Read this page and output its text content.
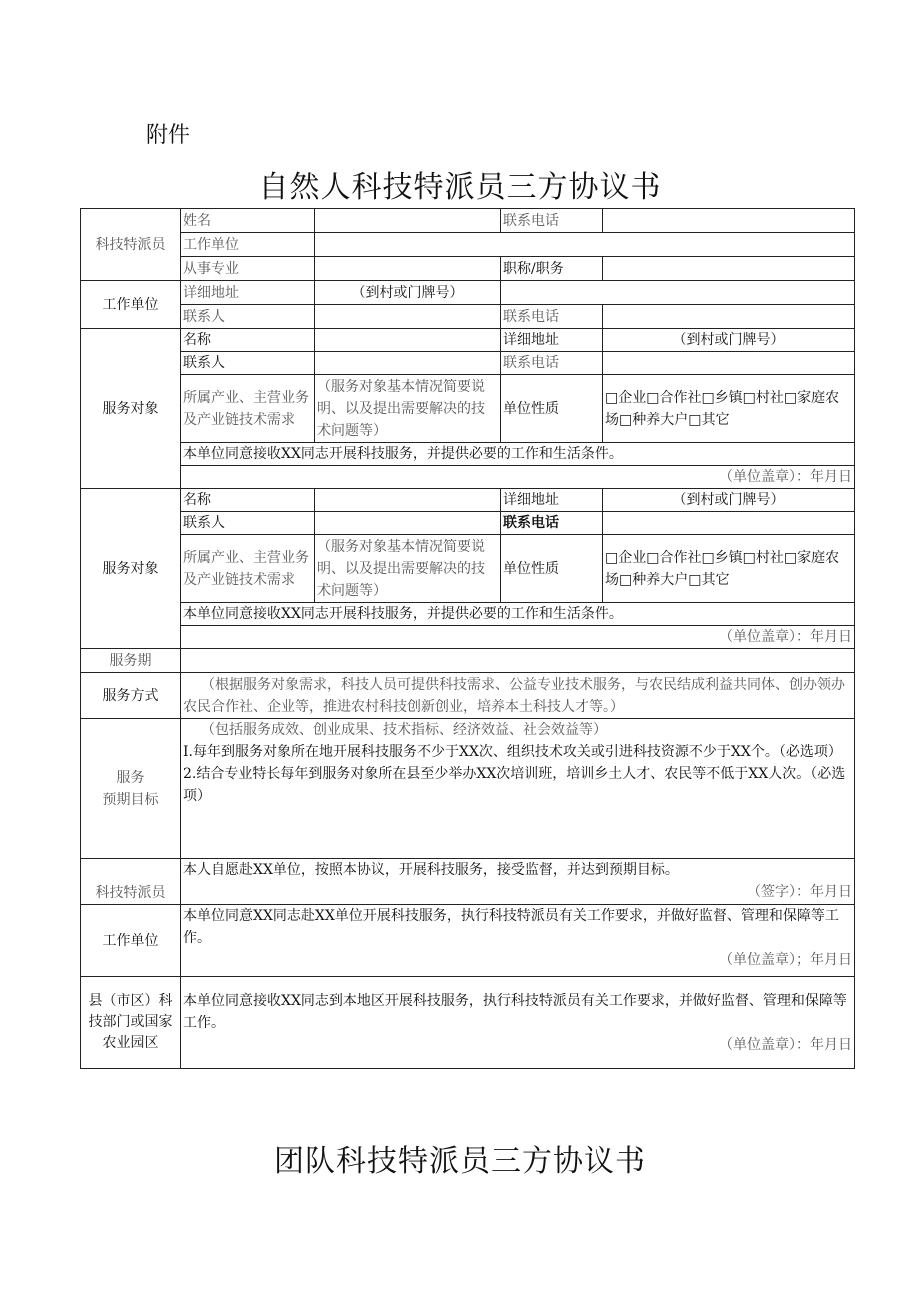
附件
自然人科技特派员三方协议书
科技特派员	姓名		联系电话	
	工作单位			
	从事专业		职称/职务	
工作单位	详细地址	（到村或门牌号）		
	联系人		联系电话	
服务对象	名称		详细地址	（到村或门牌号）
	联系人		联系电话	
	所属产业、主营业务及产业链技术需求	（服务对象基本情况简要说明、以及提出需要解决的技术问题等）	单位性质	□企业□合作社□乡镇□村社□家庭农场□种养大户□其它
	本单位同意接收XX同志开展科技服务，并提供必要的工作和生活条件。			
	（单位盖章）：年月日			
服务对象	名称		详细地址	（到村或门牌号）
	联系人		联系电话	
	所属产业、主营业务及产业链技术需求	（服务对象基本情况简要说明、以及提出需要解决的技术问题等）	单位性质	□企业□合作社□乡镇□村社□家庭农场□种养大户□其它
	本单位同意接收XX同志开展科技服务，并提供必要的工作和生活条件。			
	（单位盖章）：年月日			
服务期				
服务方式	（根据服务对象需求，科技人员可提供科技需求、公益专业技术服务，与农民结成利益共同体、创办领办农民合作社、企业等，推进农村科技创新创业，培养本土科技人才等。）			

服务
预期目标	（包括服务成效、创业成果、技术指标、经济效益、社会效益等）
I.每年到服务对象所在地开展科技服务不少于XX次、组织技术攻关或引进科技资源不少于XX个。（必选项）
2.结合专业特长每年到服务对象所在县至少举办XX次培训班，培训乡土人才、农民等不低于XX人次。（必选项）			

科技特派员	本人自愿赴XX单位，按照本协议，开展科技服务，接受监督，并达到预期目标。
（签字）：年月日			

工作单位	本单位同意XX同志赴XX单位开展科技服务，执行科技特派员有关工作要求，并做好监督、管理和保障等工作。
（单位盖章）；年月日			

县（市区）科技部门或国家农业园区	本单位同意接收XX同志到本地区开展科技服务，执行科技特派员有关工作要求，并做好监督、管理和保障等工作。
（单位盖章）：年月日			
团队科技特派员三方协议书
